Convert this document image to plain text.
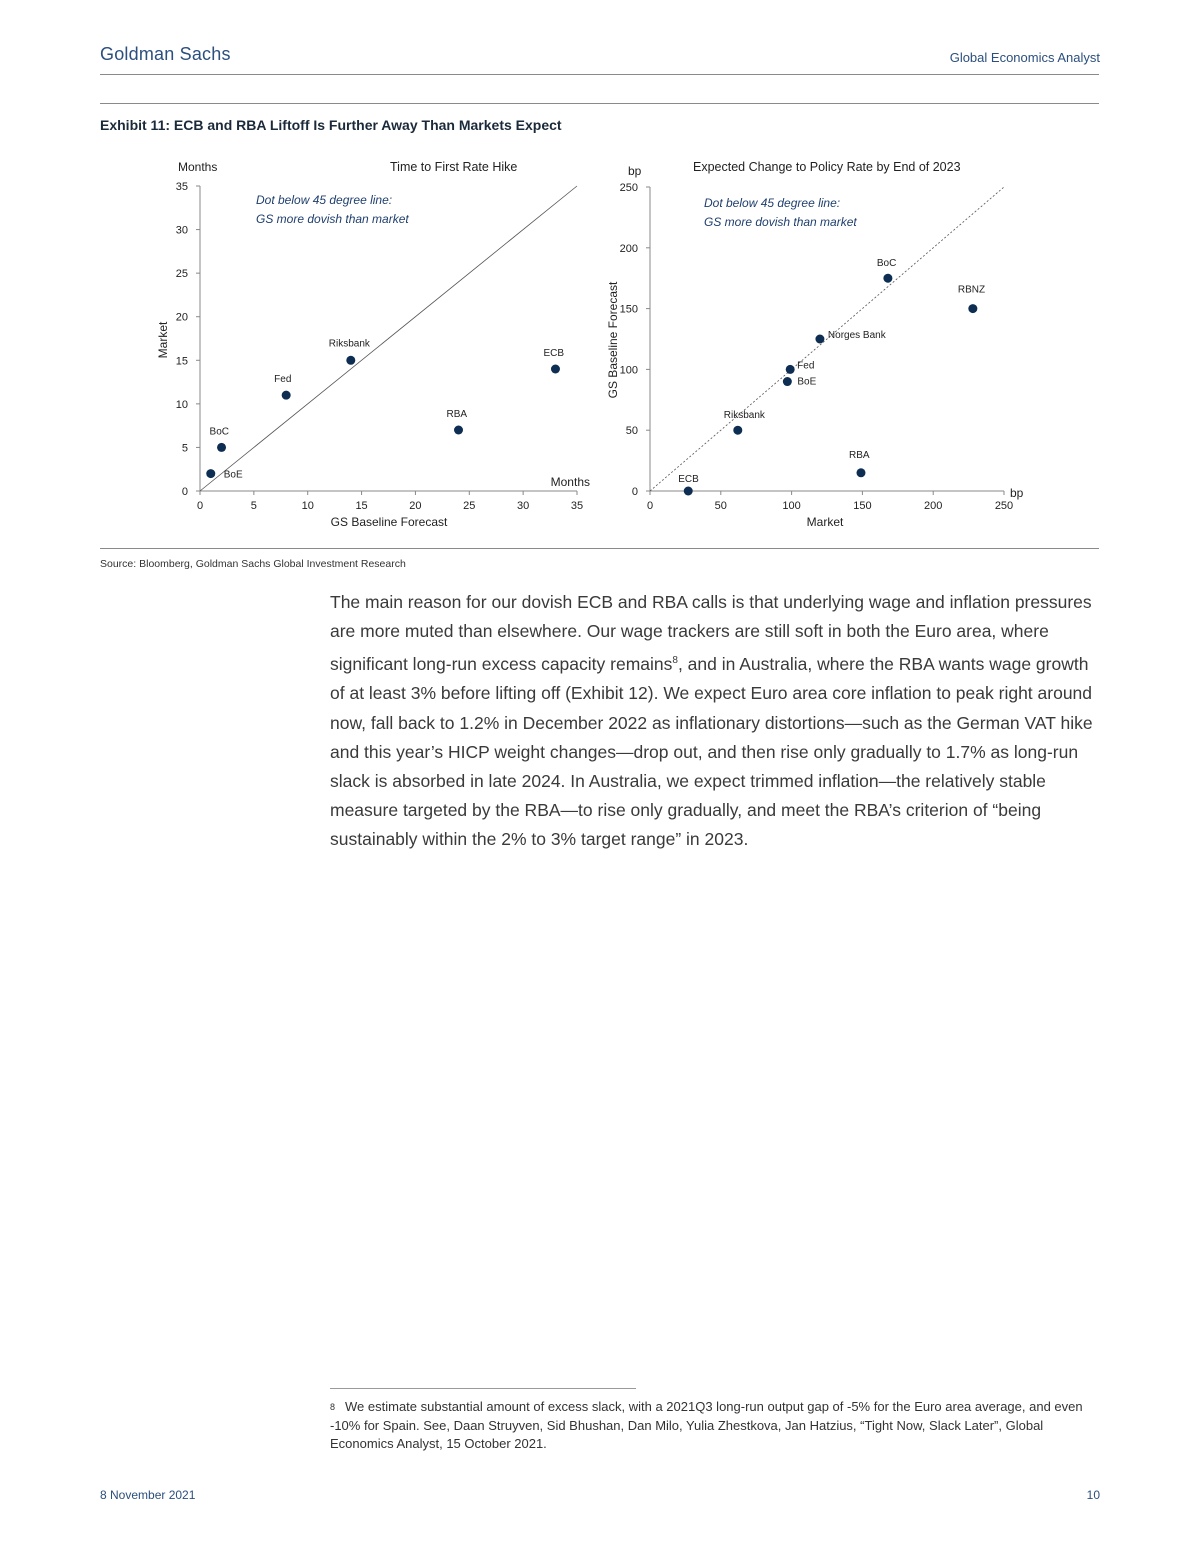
Goldman Sachs	Global Economics Analyst
Exhibit 11: ECB and RBA Liftoff Is Further Away Than Markets Expect
Time to First Rate Hike
Months
Months
GS Baseline Forecast
Market
Dot below 45 degree line:
GS more dovish than market
0	5	10	15	20	25	30	35
0
5
10
15
20
25
30
35
BoC
BoE
Fed
Riksbank
RBA
ECB
Expected Change to Policy Rate by End of 2023
bp
bp
Market
GS Baseline Forecast
Dot below 45 degree line:
GS more dovish than market
0	50	100	150	200	250
0
50
100
150
200
250
BoC
RBNZ
Norges Bank
Fed
BoE
Riksbank
RBA
ECB
Source: Bloomberg, Goldman Sachs Global Investment Research

The main reason for our dovish ECB and RBA calls is that underlying wage and inflation pressures are more muted than elsewhere. Our wage trackers are still soft in both the Euro area, where significant long-run excess capacity remains$^8$, and in Australia, where the RBA wants wage growth of at least 3% before lifting off (Exhibit 12). We expect Euro area core inflation to peak right around now, fall back to 1.2% in December 2022 as inflationary distortions—such as the German VAT hike and this year’s HICP weight changes—drop out, and then rise only gradually to 1.7% as long-run slack is absorbed in late 2024. In Australia, we expect trimmed inflation—the relatively stable measure targeted by the RBA—to rise only gradually, and meet the RBA’s criterion of “being sustainably within the 2% to 3% target range” in 2023.

$^8$ We estimate substantial amount of excess slack, with a 2021Q3 long-run output gap of -5% for the Euro area average, and even -10% for Spain. See, Daan Struyven, Sid Bhushan, Dan Milo, Yulia Zhestkova, Jan Hatzius, “Tight Now, Slack Later”, Global Economics Analyst, 15 October 2021.
8 November 2021	10
